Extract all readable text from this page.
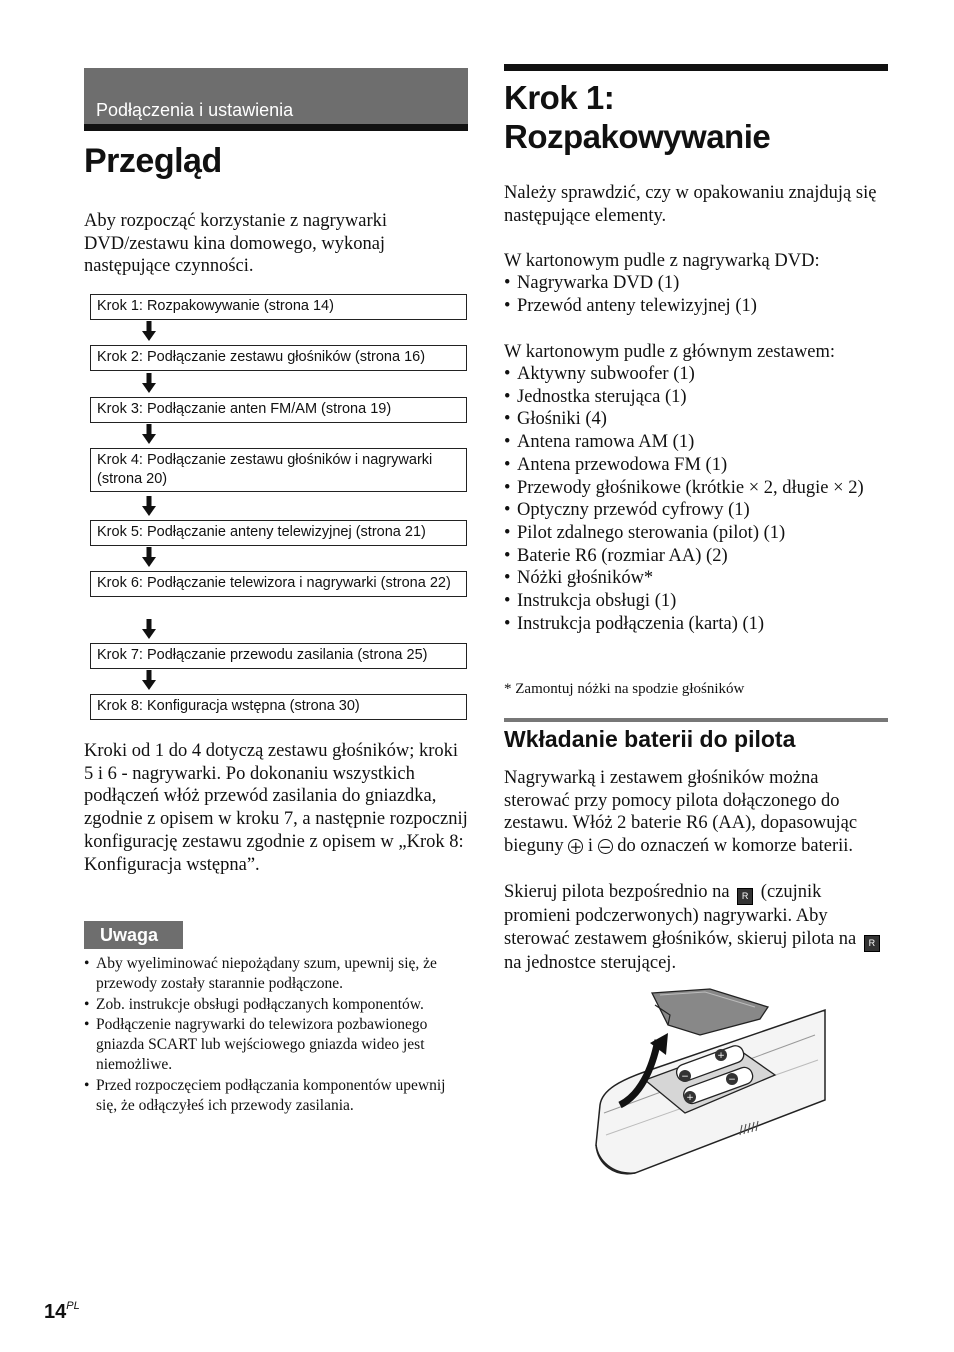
Podłączenia i ustawienia
Przegląd

Aby rozpocząć korzystanie z nagrywarki DVD/zestawu kina domowego, wykonaj następujące czynności.

Krok 1: Rozpakowywanie (strona 14)
Krok 2: Podłączanie zestawu głośników (strona 16)
Krok 3: Podłączanie anten FM/AM (strona 19)
Krok 4: Podłączanie zestawu głośników i nagrywarki (strona 20)
Krok 5: Podłączanie anteny telewizyjnej (strona 21)
Krok 6: Podłączanie telewizora i nagrywarki (strona 22)
Krok 7: Podłączanie przewodu zasilania (strona 25)
Krok 8: Konfiguracja wstępna (strona 30)

Kroki od 1 do 4 dotyczą zestawu głośników; kroki 5 i 6 - nagrywarki. Po dokonaniu wszystkich podłączeń włóż przewód zasilania do gniazdka, zgodnie z opisem w kroku 7, a następnie rozpocznij konfigurację zestawu zgodnie z opisem w „Krok 8: Konfiguracja wstępna”.

Uwaga
• Aby wyeliminować niepożądany szum, upewnij się, że przewody zostały starannie podłączone.
• Zob. instrukcje obsługi podłączanych komponentów.
• Podłączenie nagrywarki do telewizora pozbawionego gniazda SCART lub wejściowego gniazda wideo jest niemożliwe.
• Przed rozpoczęciem podłączania komponentów upewnij się, że odłączyłeś ich przewody zasilania.
Krok 1:
Rozpakowywanie

Należy sprawdzić, czy w opakowaniu znajdują się następujące elementy.

W kartonowym pudle z nagrywarką DVD:

• Nagrywarka DVD (1)
• Przewód anteny telewizyjnej (1)

W kartonowym pudle z głównym zestawem:

• Aktywny subwoofer (1)
• Jednostka sterująca (1)
• Głośniki (4)
• Antena ramowa AM (1)
• Antena przewodowa FM (1)
• Przewody głośnikowe (krótkie × 2, długie × 2)
• Optyczny przewód cyfrowy (1)
• Pilot zdalnego sterowania (pilot) (1)
• Baterie R6 (rozmiar AA) (2)
• Nóżki głośników*
• Instrukcja obsługi (1)
• Instrukcja podłączenia (karta) (1)

* Zamontuj nóżki na spodzie głośników

Wkładanie baterii do pilota

Nagrywarką i zestawem głośników można sterować przy pomocy pilota dołączonego do zestawu. Włóż 2 baterie R6 (AA), dopasowując bieguny + i − do oznaczeń w komorze baterii.

Skieruj pilota bezpośrednio na R (czujnik promieni podczerwonych) nagrywarki. Aby sterować zestawem głośników, skieruj pilota na R na jednostce sterującej.

−
+
+
−

$14^{PL}$
